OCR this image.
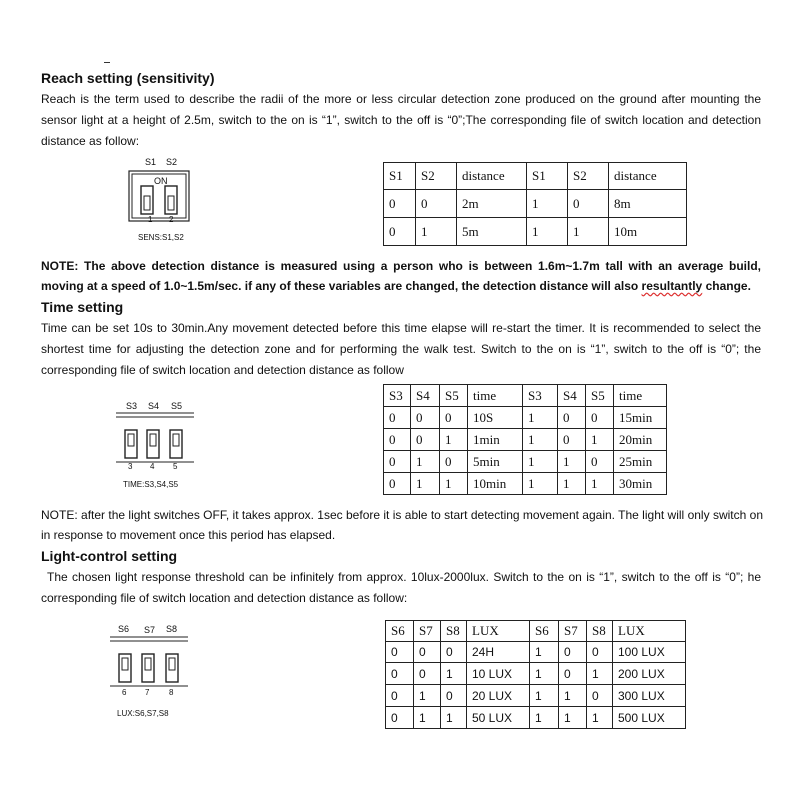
Reach setting (sensitivity)
Reach is the term used to describe the radii of the more or less circular detection zone produced on the ground after mounting the sensor light at a height of 2.5m, switch to the on is “1”, switch to the off is “0”;The corresponding file of switch location and detection distance as follow:
S1 S2
ON
1 2
SENS:S1,S2
S1	S2	distance	S1	S2	distance
0	0	2m	1	0	8m
0	1	5m	1	1	10m
NOTE: The above detection distance is measured using a person who is between 1.6m~1.7m tall with an average build, moving at a speed of 1.0~1.5m/sec. if any of these variables are changed, the detection distance will also resultantly change.
Time setting
Time can be set 10s to 30min.Any movement detected before this time elapse will re-start the timer. It is recommended to select the shortest time for adjusting the detection zone and for performing the walk test. Switch to the on is “1”, switch to the off is “0”; the corresponding file of switch location and detection distance as follow
S3 S4 S5
3 4 5
TIME:S3,S4,S5
S3	S4	S5	time	S3	S4	S5	time
0	0	0	10S	1	0	0	15min
0	0	1	1min	1	0	1	20min
0	1	0	5min	1	1	0	25min
0	1	1	10min	1	1	1	30min
NOTE: after the light switches OFF, it takes approx. 1sec before it is able to start detecting movement again. The light will only switch on in response to movement once this period has elapsed.
Light-control setting
The chosen light response threshold can be infinitely from approx. 10lux-2000lux. Switch to the on is “1”, switch to the off is “0”; he corresponding file of switch location and detection distance as follow:
S6 S7 S8
6 7 8
LUX:S6,S7,S8
S6	S7	S8	LUX	S6	S7	S8	LUX
0	0	0	24H	1	0	0	100 LUX
0	0	1	10 LUX	1	0	1	200 LUX
0	1	0	20 LUX	1	1	0	300 LUX
0	1	1	50 LUX	1	1	1	500 LUX
